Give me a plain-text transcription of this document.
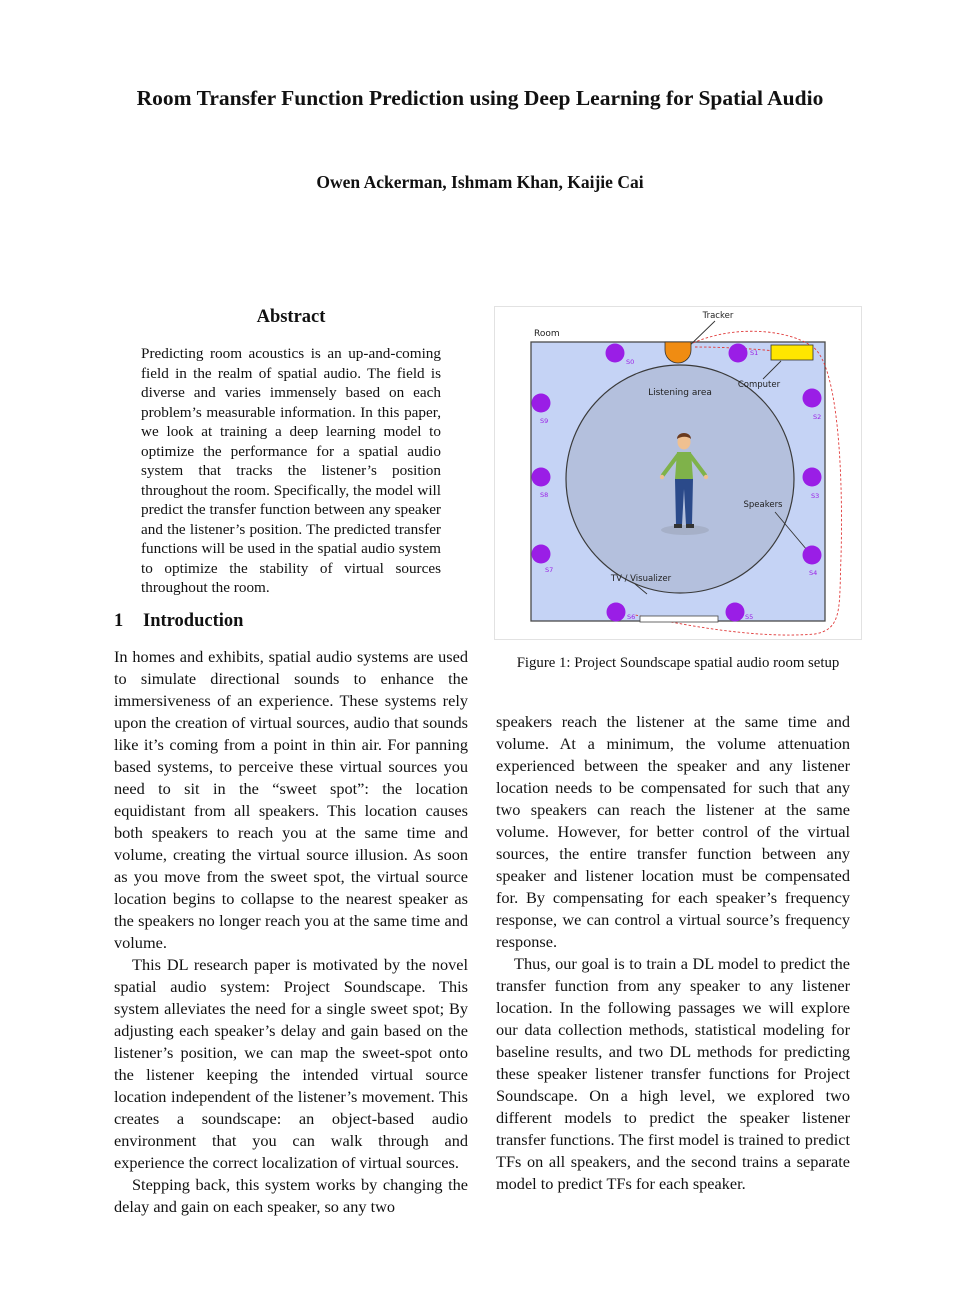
Room Transfer Function Prediction using Deep Learning for Spatial Audio
Owen Ackerman, Ishmam Khan, Kaijie Cai
Abstract

Predicting room acoustics is an up-and-coming field in the realm of spatial audio. The field is diverse and varies immensely based on each problem’s measurable information. In this paper, we look at training a deep learning model to optimize the performance for a spatial audio system that tracks the listener’s position throughout the room. Specifically, the model will predict the transfer function between any speaker and the listener’s position. The predicted transfer functions will be used in the spatial audio system to optimize the stability of virtual sources throughout the room.

1 Introduction

In homes and exhibits, spatial audio systems are used to simulate directional sounds to enhance the immersiveness of an experience. These systems rely upon the creation of virtual sources, audio that sounds like it’s coming from a point in thin air. For panning based systems, to perceive these virtual sources you need to sit in the “sweet spot”: the location equidistant from all speakers. This location causes both speakers to reach you at the same time and volume, creating the virtual source illusion. As soon as you move from the sweet spot, the virtual source location begins to collapse to the nearest speaker as the speakers no longer reach you at the same time and volume.

This DL research paper is motivated by the novel spatial audio system: Project Soundscape. This system alleviates the need for a single sweet spot; By adjusting each speaker’s delay and gain based on the listener’s position, we can map the sweet-spot onto the listener keeping the intended virtual source location independent of the listener’s movement. This creates a soundscape: an object-based audio environment that you can walk through and experience the correct localization of virtual sources.

Stepping back, this system works by changing the delay and gain on each speaker, so any two

speakers reach the listener at the same time and volume. At a minimum, the volume attenuation experienced between the speaker and any listener location needs to be compensated for such that any two speakers can reach the listener at the same volume. However, for better control of the virtual sources, the entire transfer function between any speaker and listener location must be compensated for. By compensating for each speaker’s frequency response, we can control a virtual source’s frequency response.

Thus, our goal is to train a DL model to predict the transfer function from any speaker to any listener location. In the following passages we will explore our data collection methods, statistical modeling for baseline results, and two DL methods for predicting these speaker listener transfer functions for Project Soundscape. On a high level, we explored two different models to predict the speaker listener transfer functions. The first model is trained to predict TFs on all speakers, and the second trains a separate model to predict TFs for each speaker.

Room
Listening area
Tracker
Computer
TV / Visualizer
Speakers
S0
S1
S2
S3
S4
S5
S6
S7
S8
S9

Figure 1: Project Soundscape spatial audio room setup
